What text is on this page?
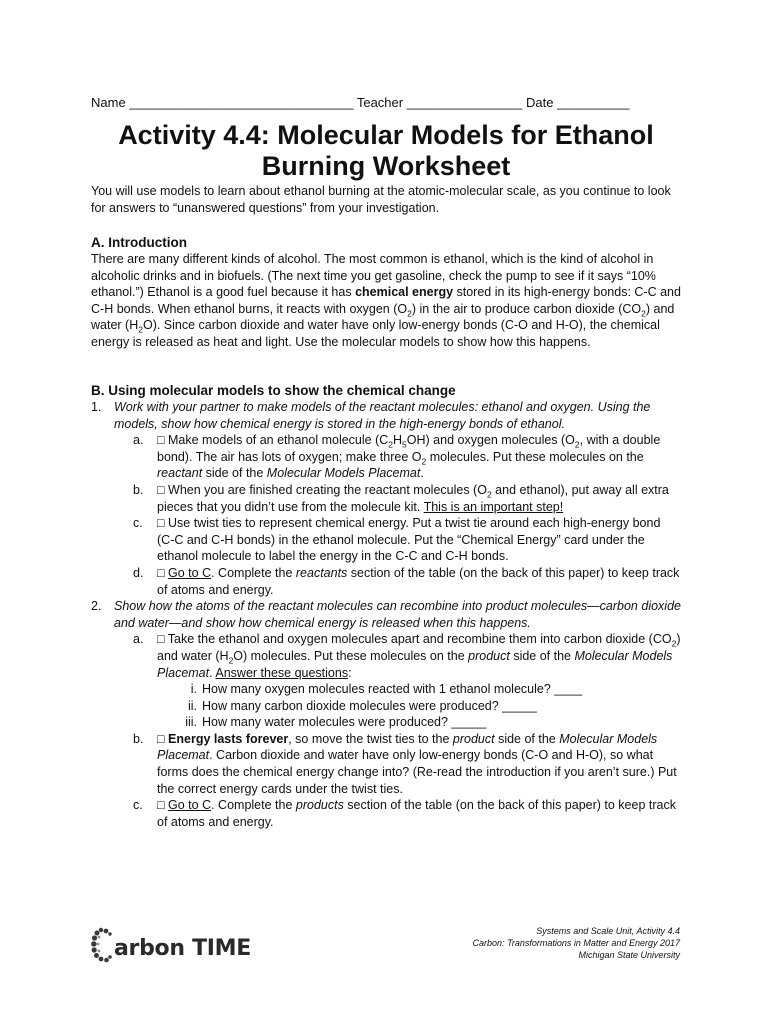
Name _______________________________ Teacher ________________ Date __________
Activity 4.4: Molecular Models for Ethanol Burning Worksheet

You will use models to learn about ethanol burning at the atomic-molecular scale, as you continue to look for answers to “unanswered questions” from your investigation.

A. Introduction

There are many different kinds of alcohol. The most common is ethanol, which is the kind of alcohol in alcoholic drinks and in biofuels. (The next time you get gasoline, check the pump to see if it says “10% ethanol.”) Ethanol is a good fuel because it has chemical energy stored in its high-energy bonds: C-C and C-H bonds. When ethanol burns, it reacts with oxygen $(O_2)$ in the air to produce carbon dioxide $(CO_2)$ and water $(H_2O)$. Since carbon dioxide and water have only low-energy bonds (C-O and H-O), the chemical energy is released as heat and light. Use the molecular models to show how this happens.

B. Using molecular models to show the chemical change
1. Work with your partner to make models of the reactant molecules: ethanol and oxygen. Using the models, show how chemical energy is stored in the high-energy bonds of ethanol.
a. □ Make models of an ethanol molecule $(C_2H_5OH)$ and oxygen molecules ($O_2$, with a double bond). The air has lots of oxygen; make three $O_2$ molecules. Put these molecules on the reactant side of the Molecular Models Placemat.
b. □ When you are finished creating the reactant molecules ($O_2$ and ethanol), put away all extra pieces that you didn’t use from the molecule kit. This is an important step!
c. □ Use twist ties to represent chemical energy. Put a twist tie around each high-energy bond (C-C and C-H bonds) in the ethanol molecule. Put the “Chemical Energy” card under the ethanol molecule to label the energy in the C-C and C-H bonds.
d. □ Go to C. Complete the reactants section of the table (on the back of this paper) to keep track of atoms and energy.
2. Show how the atoms of the reactant molecules can recombine into product molecules—carbon dioxide and water—and show how chemical energy is released when this happens.
a. □ Take the ethanol and oxygen molecules apart and recombine them into carbon dioxide $(CO_2)$ and water $(H_2O)$ molecules. Put these molecules on the product side of the Molecular Models Placemat. Answer these questions:
i. How many oxygen molecules reacted with 1 ethanol molecule? ____
ii. How many carbon dioxide molecules were produced? _____
iii. How many water molecules were produced? _____
b. □ Energy lasts forever, so move the twist ties to the product side of the Molecular Models Placemat. Carbon dioxide and water have only low-energy bonds (C-O and H-O), so what forms does the chemical energy change into? (Re-read the introduction if you aren’t sure.) Put the correct energy cards under the twist ties.
c. □ Go to C. Complete the products section of the table (on the back of this paper) to keep track of atoms and energy.
arbon TIME
Systems and Scale Unit, Activity 4.4
Carbon: Transformations in Matter and Energy 2017
Michigan State University
